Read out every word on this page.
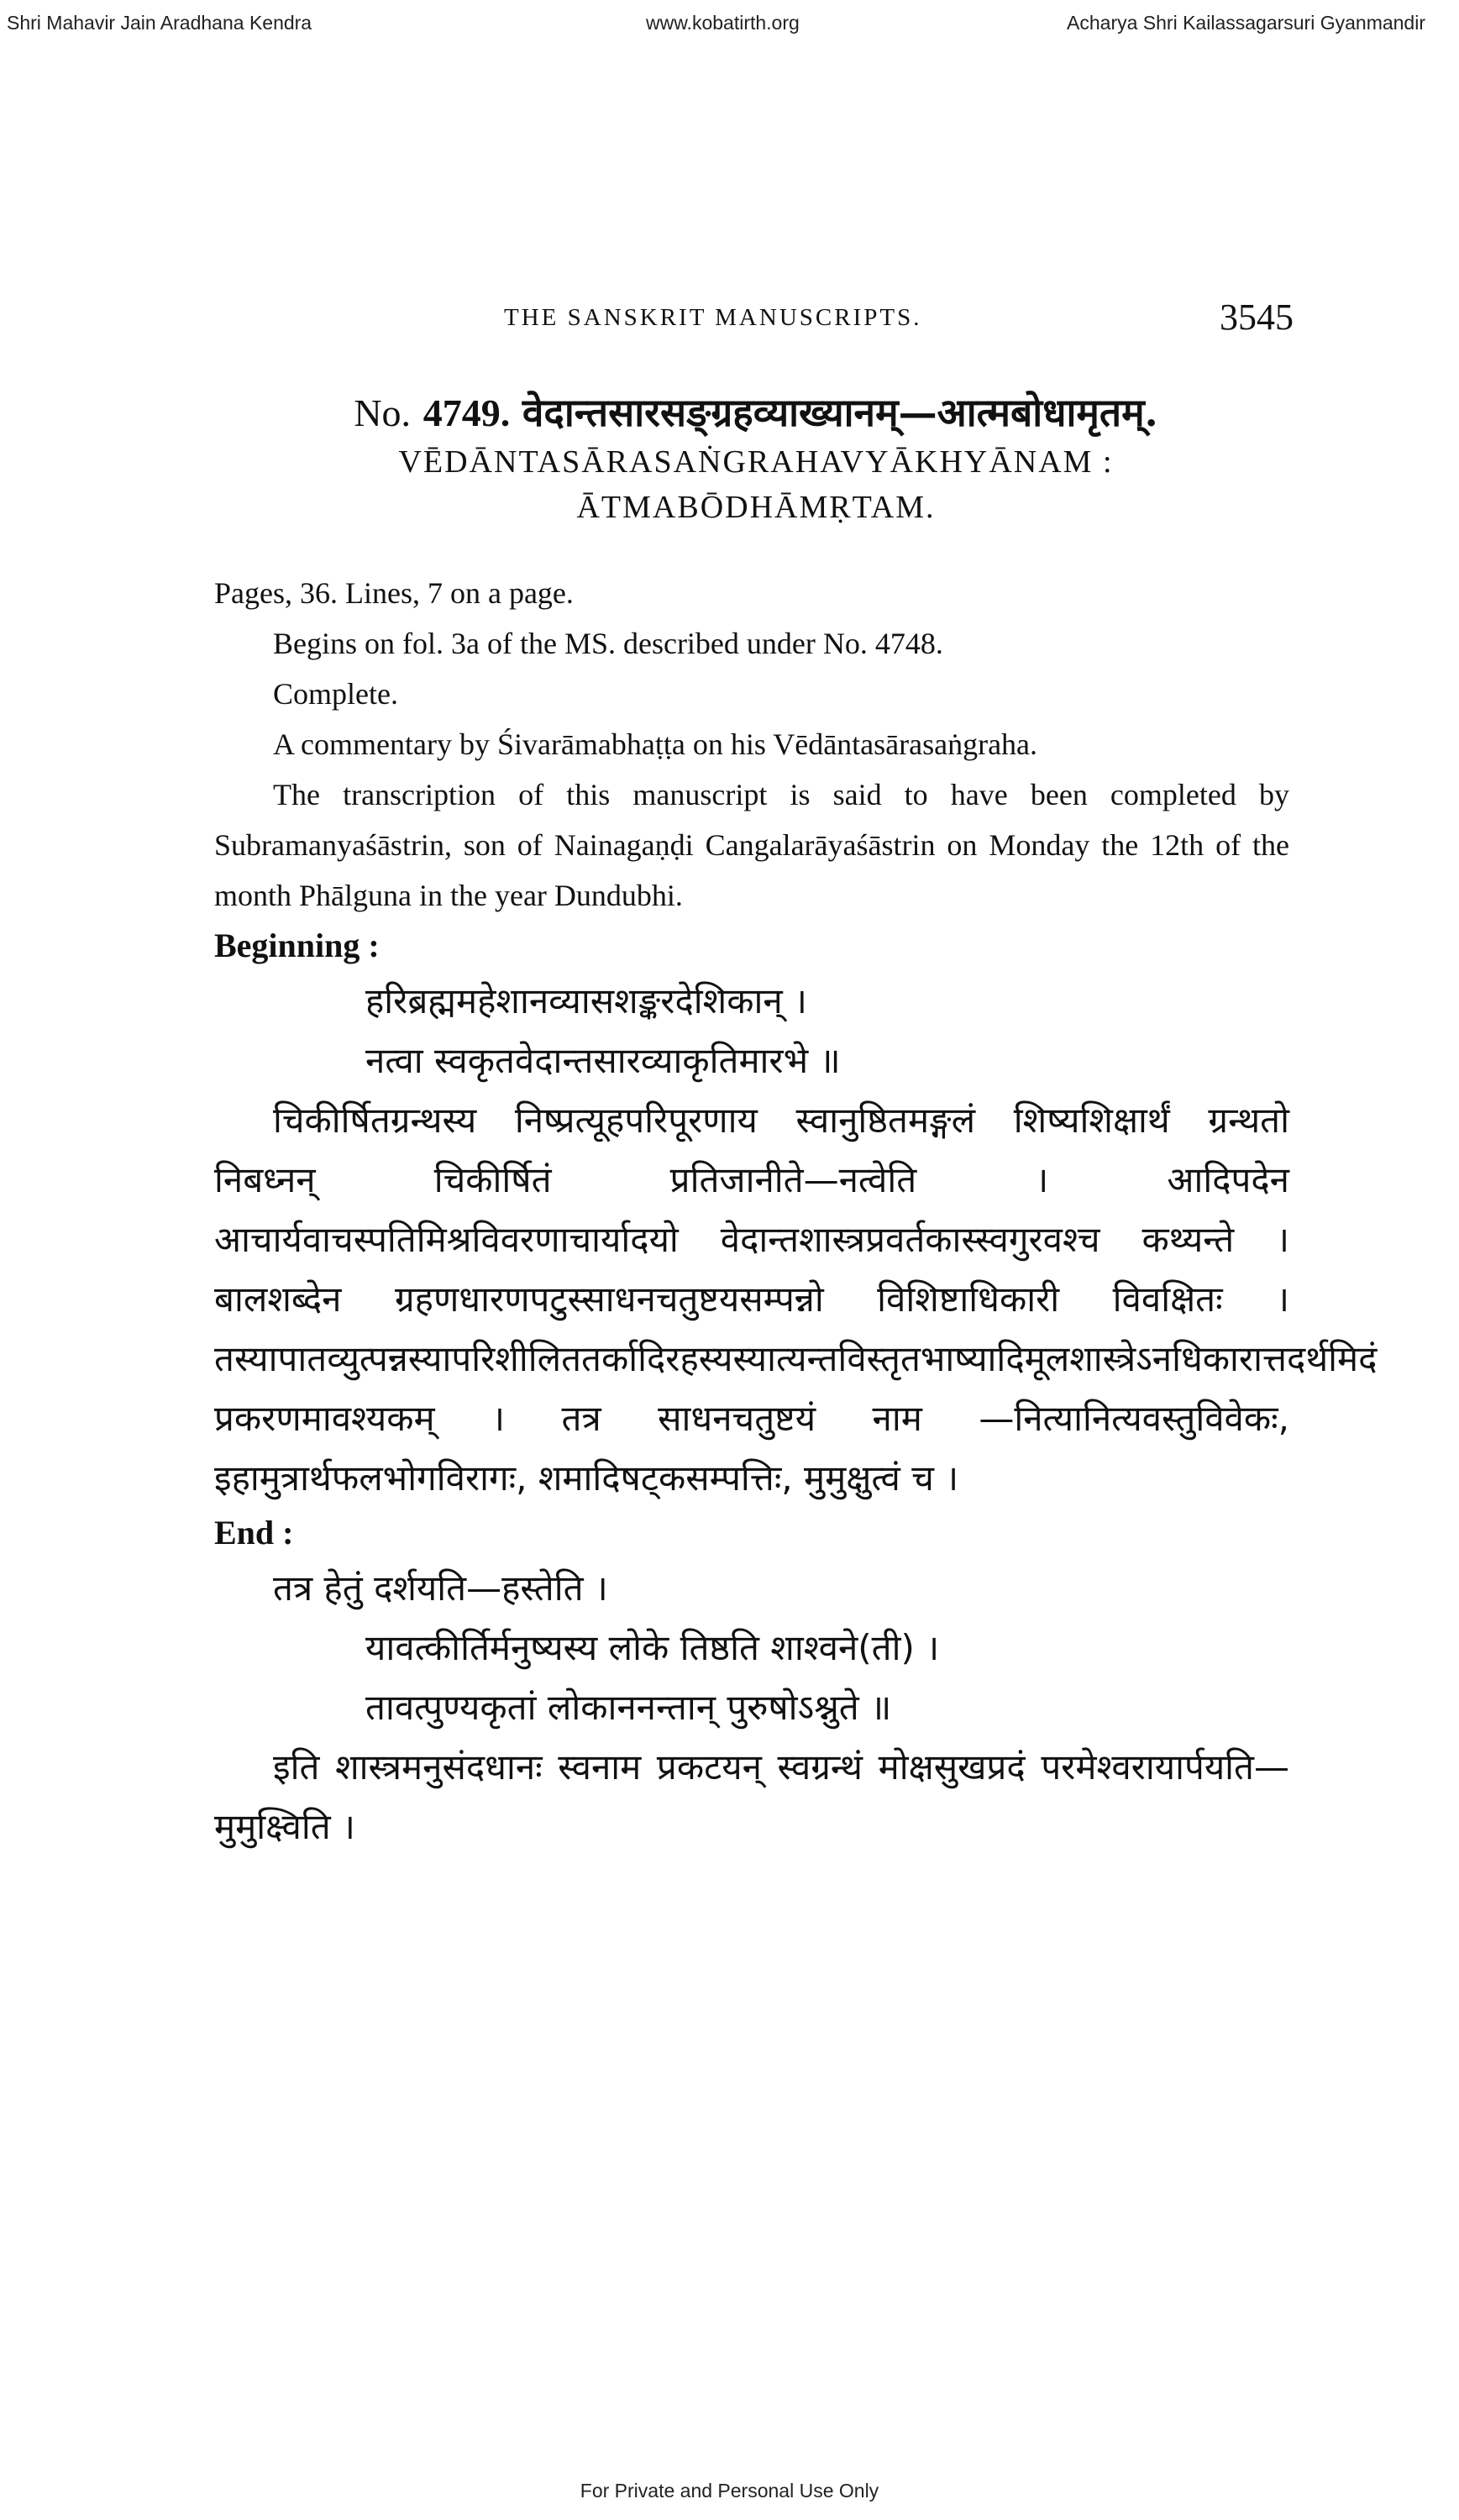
Shri Mahavir Jain Aradhana Kendra	www.kobatirth.org	Acharya Shri Kailassagarsuri Gyanmandir
THE SANSKRIT MANUSCRIPTS.	3545
No. 4749. वेदान्तसारसङ्ग्रहव्याख्यानम्—आत्मबोधामृतम्.
VĒDĀNTASĀRASAṄGRAHAVYĀKHYĀNAM :
ĀTMABŌDHĀMṚTAM.

Pages, 36. Lines, 7 on a page.

Begins on fol. 3a of the MS. described under No. 4748.

Complete.

A commentary by Śivarāmabhaṭṭa on his Vēdāntasārasaṅgraha.

The transcription of this manuscript is said to have been completed by Subramanyaśāstrin, son of Nainagaṇḍi Cangalarāyaśāstrin on Monday the 12th of the month Phālguna in the year Dundubhi.

Beginning :

हरिब्रह्ममहेशानव्यासशङ्करदेशिकान् ।

नत्वा स्वकृतवेदान्तसारव्याकृतिमारभे ॥

चिकीर्षितग्रन्थस्य निष्प्रत्यूहपरिपूरणाय स्वानुष्ठितमङ्गलं शिष्यशिक्षार्थं ग्रन्थतो निबध्नन् चिकीर्षितं प्रतिजानीते—नत्वेति । आदिपदेन आचार्यवाचस्पतिमिश्रविवरणाचार्यादयो वेदान्तशास्त्रप्रवर्तकास्स्वगुरवश्च कथ्यन्ते । बालशब्देन ग्रहणधारणपटुस्साधनचतुष्टयसम्पन्नो विशिष्टाधिकारी विवक्षितः । तस्यापातव्युत्पन्नस्यापरिशीलिततर्कादिरहस्यस्यात्यन्तविस्तृतभाष्यादिमूलशास्त्रेऽनधिकारात्तदर्थमिदं प्रकरणमावश्यकम् । तत्र साधनचतुष्टयं नाम —नित्यानित्यवस्तुविवेकः, इहामुत्रार्थफलभोगविरागः, शमादिषट्कसम्पत्तिः, मुमुक्षुत्वं च ।

End :

तत्र हेतुं दर्शयति—हस्तेति ।

यावत्कीर्तिर्मनुष्यस्य लोके तिष्ठति शाश्वने(ती) ।

तावत्पुण्यकृतां लोकाननन्तान् पुरुषोऽश्नुते ॥

इति शास्त्रमनुसंदधानः स्वनाम प्रकटयन् स्वग्रन्थं मोक्षसुखप्रदं परमेश्वरायार्पयति—मुमुक्ष्विति ।

For Private and Personal Use Only
